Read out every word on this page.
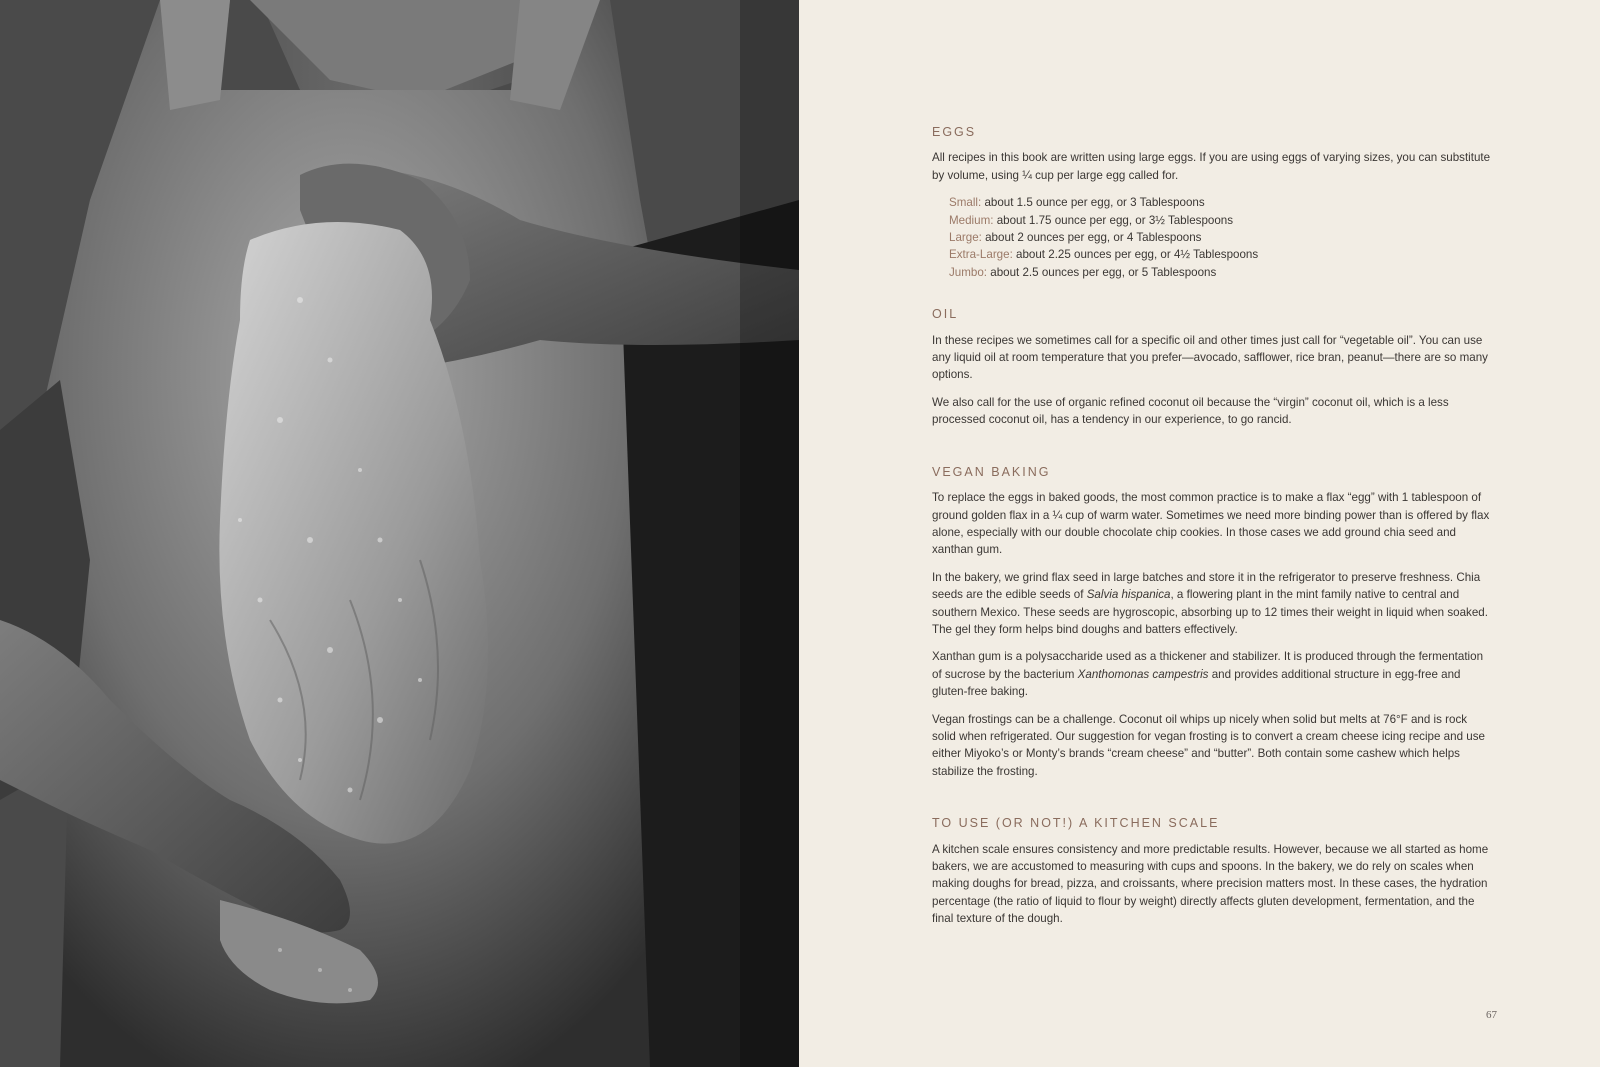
EGGS

All recipes in this book are written using large eggs. If you are using eggs of varying sizes, you can substitute by volume, using ¼ cup per large egg called for.

Small: about 1.5 ounce per egg, or 3 Tablespoons
Medium: about 1.75 ounce per egg, or 3½ Tablespoons
Large: about 2 ounces per egg, or 4 Tablespoons
Extra-Large: about 2.25 ounces per egg, or 4½ Tablespoons
Jumbo: about 2.5 ounces per egg, or 5 Tablespoons
OIL

In these recipes we sometimes call for a specific oil and other times just call for “vegetable oil”. You can use any liquid oil at room temperature that you prefer—avocado, safflower, rice bran, peanut—there are so many options.

We also call for the use of organic refined coconut oil because the “virgin” coconut oil, which is a less processed coconut oil, has a tendency in our experience, to go rancid.

VEGAN BAKING

To replace the eggs in baked goods, the most common practice is to make a flax “egg” with 1 tablespoon of ground golden flax in a ¼ cup of warm water. Sometimes we need more binding power than is offered by flax alone, especially with our double chocolate chip cookies. In those cases we add ground chia seed and xanthan gum.

In the bakery, we grind flax seed in large batches and store it in the refrigerator to preserve freshness. Chia seeds are the edible seeds of Salvia hispanica, a flowering plant in the mint family native to central and southern Mexico. These seeds are hygroscopic, absorbing up to 12 times their weight in liquid when soaked. The gel they form helps bind doughs and batters effectively.

Xanthan gum is a polysaccharide used as a thickener and stabilizer. It is produced through the fermentation of sucrose by the bacterium Xanthomonas campestris and provides additional structure in egg-free and gluten-free baking.

Vegan frostings can be a challenge. Coconut oil whips up nicely when solid but melts at 76°F and is rock solid when refrigerated. Our suggestion for vegan frosting is to convert a cream cheese icing recipe and use either Miyoko’s or Monty’s brands “cream cheese” and “butter”. Both contain some cashew which helps stabilize the frosting.

TO USE (OR NOT!) A KITCHEN SCALE

A kitchen scale ensures consistency and more predictable results. However, because we all started as home bakers, we are accustomed to measuring with cups and spoons. In the bakery, we do rely on scales when making doughs for bread, pizza, and croissants, where precision matters most. In these cases, the hydration percentage (the ratio of liquid to flour by weight) directly affects gluten development, fermentation, and the final texture of the dough.

67
